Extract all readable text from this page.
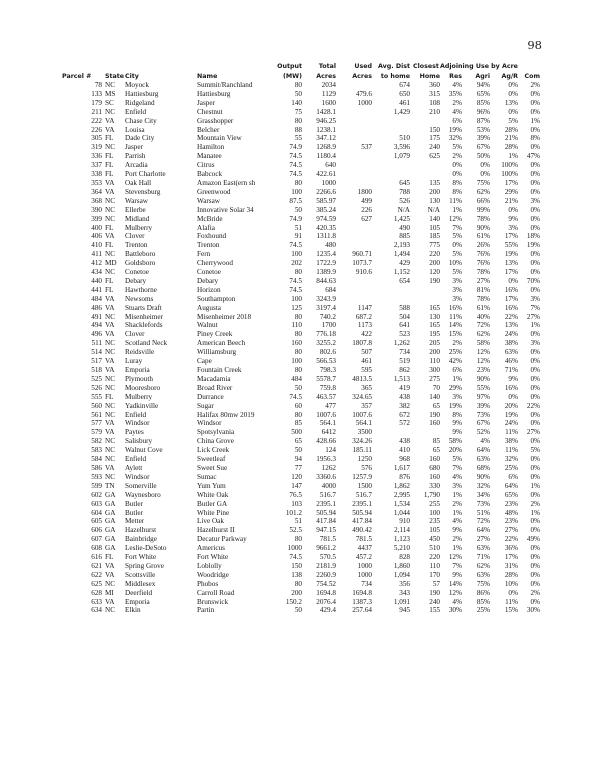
98
				Output	Total	Used	Avg. Dist	Closest	Adjoining Use by Acre			
Parcel #	State	City	Name	(MW)	Acres	Acres	to home	Home	Res	Agri	Ag/R	Com
78	NC	Moyock	Summit/Ranchland	80	2034		674	360	4%	94%	0%	2%
133	MS	Hattiesburg	Hattiesburg	50	1129	479.6	650	315	35%	65%	0%	0%
179	SC	Ridgeland	Jasper	140	1600	1000	461	108	2%	85%	13%	0%
211	NC	Enfield	Chestnut	75	1428.1		1,429	210	4%	96%	0%	0%
222	VA	Chase City	Grasshopper	80	946.25				6%	87%	5%	1%
226	VA	Louisa	Belcher	88	1238.1			150	19%	53%	28%	0%
305	FL	Dade City	Mountain View	55	347.12		510	175	32%	39%	21%	8%
319	NC	Jasper	Hamilton	74.9	1268.9	537	3,596	240	5%	67%	28%	0%
336	FL	Parrish	Manatee	74.5	1180.4		1,079	625	2%	50%	1%	47%
337	FL	Arcadia	Citrus	74.5	640				0%	0%	100%	0%
338	FL	Port Charlotte	Babcock	74.5	422.61				0%	0%	100%	0%
353	VA	Oak Hall	Amazon East(ern sh	80	1000		645	135	8%	75%	17%	0%
364	VA	Stevensburg	Greenwood	100	2266.6	1800	788	200	8%	62%	29%	0%
368	NC	Warsaw	Warsaw	87.5	585.97	499	526	130	11%	66%	21%	3%
390	NC	Ellerbe	Innovative Solar 34	50	385.24	226	N/A	N/A	1%	99%	0%	0%
399	NC	Midland	McBride	74.9	974.59	627	1,425	140	12%	78%	9%	0%
400	FL	Mulberry	Alafia	51	420.35		490	105	7%	90%	3%	0%
406	VA	Clover	Foxhound	91	1311.8		885	185	5%	61%	17%	18%
410	FL	Trenton	Trenton	74.5	480		2,193	775	0%	26%	55%	19%
411	NC	Battleboro	Fern	100	1235.4	960.71	1,494	220	5%	76%	19%	0%
412	MD	Goldsboro	Cherrywood	202	1722.9	1073.7	429	200	10%	76%	13%	0%
434	NC	Conetoe	Conetoe	80	1389.9	910.6	1,152	120	5%	78%	17%	0%
440	FL	Debary	Debary	74.5	844.63		654	190	3%	27%	0%	70%
441	FL	Hawthorne	Horizon	74.5	684				3%	81%	16%	0%
484	VA	Newsoms	Southampton	100	3243.9				3%	78%	17%	3%
486	VA	Stuarts Draft	Augusta	125	3197.4	1147	588	165	16%	61%	16%	7%
491	NC	Misenheimer	Misenheimer 2018	80	740.2	687.2	504	130	11%	40%	22%	27%
494	VA	Shacklefords	Walnut	110	1700	1173	641	165	14%	72%	13%	1%
496	VA	Clover	Piney Creek	80	776.18	422	523	195	15%	62%	24%	0%
511	NC	Scotland Neck	American Beech	160	3255.2	1807.8	1,262	205	2%	58%	38%	3%
514	NC	Reidsville	Williamsburg	80	802.6	507	734	200	25%	12%	63%	0%
517	VA	Luray	Cape	100	566.53	461	519	110	42%	12%	46%	0%
518	VA	Emporia	Fountain Creek	80	798.3	595	862	300	6%	23%	71%	0%
525	NC	Plymouth	Macadamia	484	5578.7	4813.5	1,513	275	1%	90%	9%	0%
526	NC	Mooresboro	Broad River	50	759.8	365	419	70	29%	55%	16%	0%
555	FL	Mulberry	Durrance	74.5	463.57	324.65	438	140	3%	97%	0%	0%
560	NC	Yadkinville	Sugar	60	477	357	382	65	19%	39%	20%	22%
561	NC	Enfield	Halifax 80mw 2019	80	1007.6	1007.6	672	190	8%	73%	19%	0%
577	VA	Windsor	Windsor	85	564.1	564.1	572	160	9%	67%	24%	0%
579	VA	Paytes	Spotsylvania	500	6412	3500			9%	52%	11%	27%
582	NC	Salisbury	China Grove	65	428.66	324.26	438	85	58%	4%	38%	0%
583	NC	Walnut Cove	Lick Creek	50	124	185.11	410	65	20%	64%	11%	5%
584	NC	Enfield	Sweetleaf	94	1956.3	1250	968	160	5%	63%	32%	0%
586	VA	Aylett	Sweet Sue	77	1262	576	1,617	680	7%	68%	25%	0%
593	NC	Windsor	Sumac	120	3360.6	1257.9	876	160	4%	90%	6%	0%
599	TN	Somerville	Yum Yum	147	4000	1500	1,862	330	3%	32%	64%	1%
602	GA	Waynesboro	White Oak	76.5	516.7	516.7	2,995	1,790	1%	34%	65%	0%
603	GA	Butler	Butler GA	103	2395.1	2395.1	1,534	255	2%	73%	23%	2%
604	GA	Butler	White Pine	101.2	505.94	505.94	1,044	100	1%	51%	48%	1%
605	GA	Metter	Live Oak	51	417.84	417.84	910	235	4%	72%	23%	0%
606	GA	Hazelhurst	Hazelhurst II	52.5	947.15	490.42	2,114	105	9%	64%	27%	0%
607	GA	Bainbridge	Decatur Parkway	80	781.5	781.5	1,123	450	2%	27%	22%	49%
608	GA	Leslie-DeSoto	Americus	1000	9661.2	4437	5,210	510	1%	63%	36%	0%
616	FL	Fort White	Fort White	74.5	570.5	457.2	828	220	12%	71%	17%	0%
621	VA	Spring Grove	Loblolly	150	2181.9	1000	1,860	110	7%	62%	31%	0%
622	VA	Scottsville	Woodridge	138	2260.9	1000	1,094	170	9%	63%	28%	0%
625	NC	Middlesex	Phobos	80	754.52	734	356	57	14%	75%	10%	0%
628	MI	Deerfield	Carroll Road	200	1694.8	1694.8	343	190	12%	86%	0%	2%
633	VA	Emporia	Brunswick	150.2	2076.4	1387.3	1,091	240	4%	85%	11%	0%
634	NC	Elkin	Partin	50	429.4	257.64	945	155	30%	25%	15%	30%
